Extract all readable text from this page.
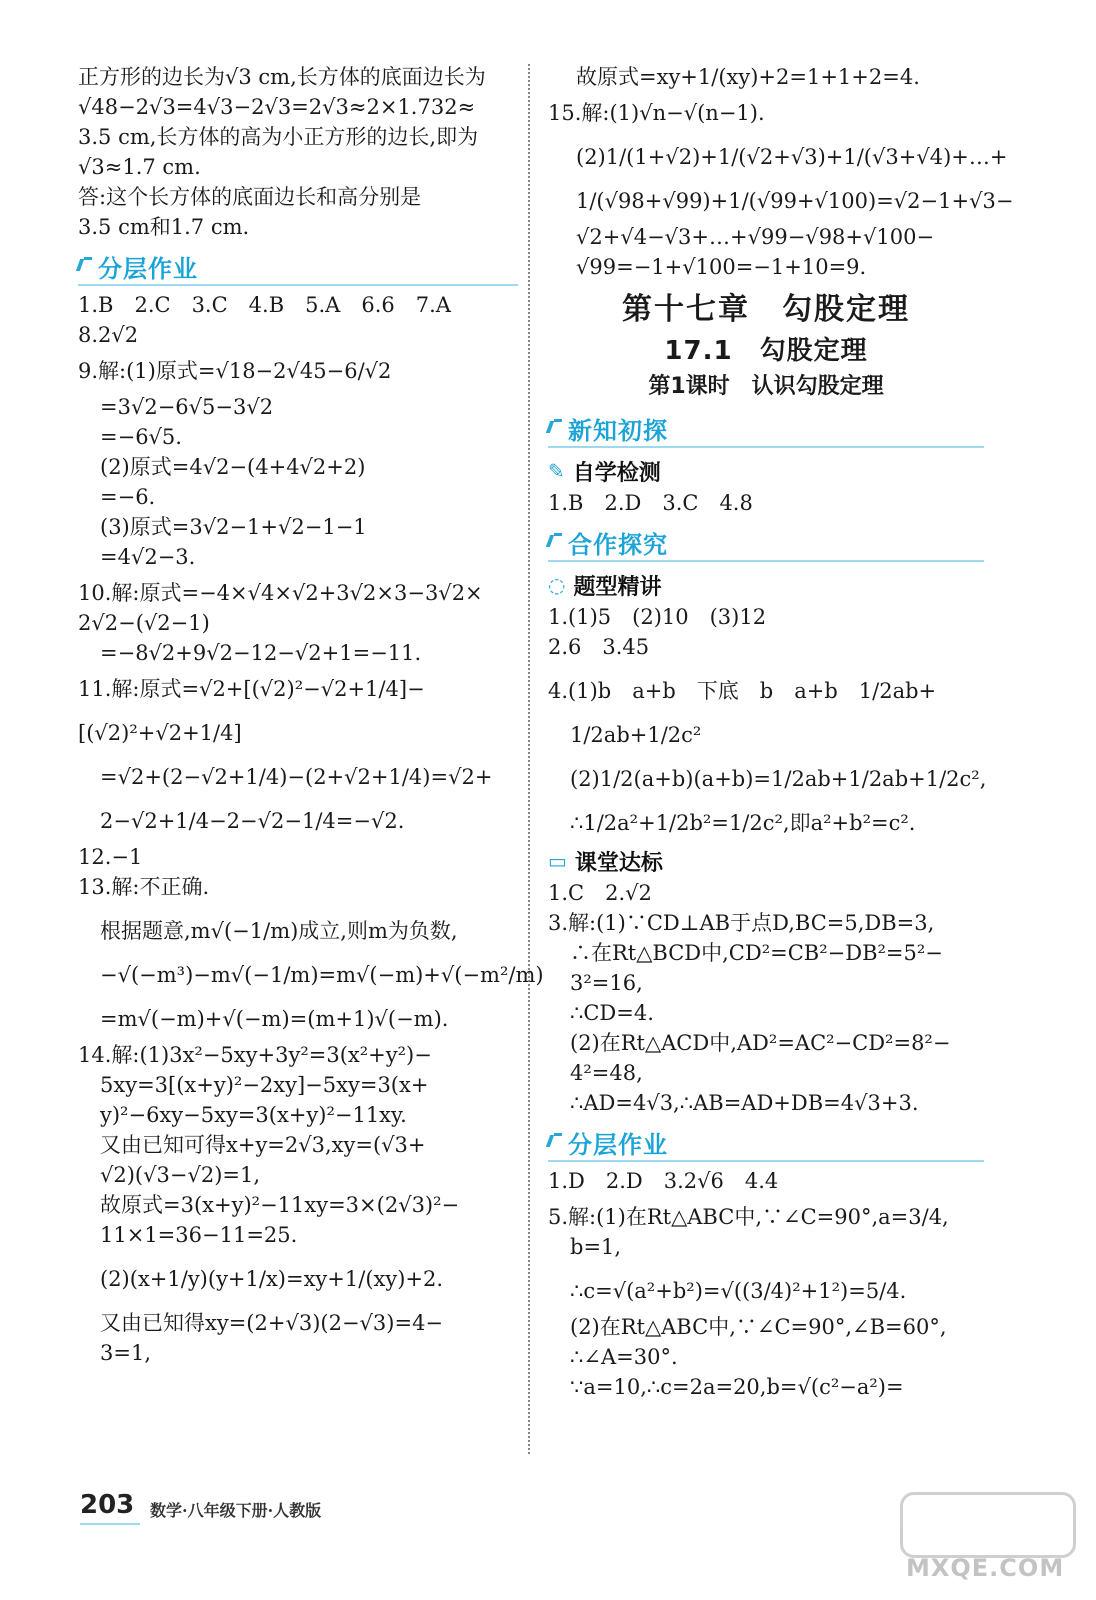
正方形的边长为√3 cm,长方体的底面边长为
√48−2√3=4√3−2√3=2√3≈2×1.732≈
3.5 cm,长方体的高为小正方形的边长,即为
√3≈1.7 cm.
答:这个长方体的底面边长和高分别是
3.5 cm和1.7 cm.
分层作业
1.B　2.C　3.C　4.B　5.A　6.6　7.A
8.2√2
9.解:(1)原式=√18−2√45−6/√2
=3√2−6√5−3√2
=−6√5.
(2)原式=4√2−(4+4√2+2)
=−6.
(3)原式=3√2−1+√2−1−1
=4√2−3.
10.解:原式=−4×√4×√2+3√2×3−3√2×
2√2−(√2−1)
=−8√2+9√2−12−√2+1=−11.
11.解:原式=√2+[(√2)²−√2+1/4]−
[(√2)²+√2+1/4]
=√2+(2−√2+1/4)−(2+√2+1/4)=√2+
2−√2+1/4−2−√2−1/4=−√2.
12.−1
13.解:不正确.
根据题意,m√(−1/m)成立,则m为负数,
−√(−m³)−m√(−1/m)=m√(−m)+√(−m²/m)
=m√(−m)+√(−m)=(m+1)√(−m).
14.解:(1)3x²−5xy+3y²=3(x²+y²)−
5xy=3[(x+y)²−2xy]−5xy=3(x+
y)²−6xy−5xy=3(x+y)²−11xy.
又由已知可得x+y=2√3,xy=(√3+
√2)(√3−√2)=1,
故原式=3(x+y)²−11xy=3×(2√3)²−
11×1=36−11=25.
(2)(x+1/y)(y+1/x)=xy+1/(xy)+2.
又由已知得xy=(2+√3)(2−√3)=4−
3=1,
故原式=xy+1/(xy)+2=1+1+2=4.
15.解:(1)√n−√(n−1).
(2)1/(1+√2)+1/(√2+√3)+1/(√3+√4)+…+
1/(√98+√99)+1/(√99+√100)=√2−1+√3−
√2+√4−√3+…+√99−√98+√100−
√99=−1+√100=−1+10=9.
第十七章　勾股定理
17.1　勾股定理
第1课时　认识勾股定理
新知初探
✎ 自学检测
1.B　2.D　3.C　4.8
合作探究
◌ 题型精讲
1.(1)5　(2)10　(3)12
2.6　3.45
4.(1)b　a+b　下底　b　a+b　1/2ab+
1/2ab+1/2c²
(2)1/2(a+b)(a+b)=1/2ab+1/2ab+1/2c²,
∴1/2a²+1/2b²=1/2c²,即a²+b²=c².
▭ 课堂达标
1.C　2.√2
3.解:(1)∵CD⊥AB于点D,BC=5,DB=3,
∴在Rt△BCD中,CD²=CB²−DB²=5²−
3²=16,
∴CD=4.
(2)在Rt△ACD中,AD²=AC²−CD²=8²−
4²=48,
∴AD=4√3,∴AB=AD+DB=4√3+3.
分层作业
1.D　2.D　3.2√6　4.4
5.解:(1)在Rt△ABC中,∵∠C=90°,a=3/4,
b=1,
∴c=√(a²+b²)=√((3/4)²+1²)=5/4.
(2)在Rt△ABC中,∵∠C=90°,∠B=60°,
∴∠A=30°.
∵a=10,∴c=2a=20,b=√(c²−a²)=
203 数学·八年级下册·人教版
MXQE.COM
